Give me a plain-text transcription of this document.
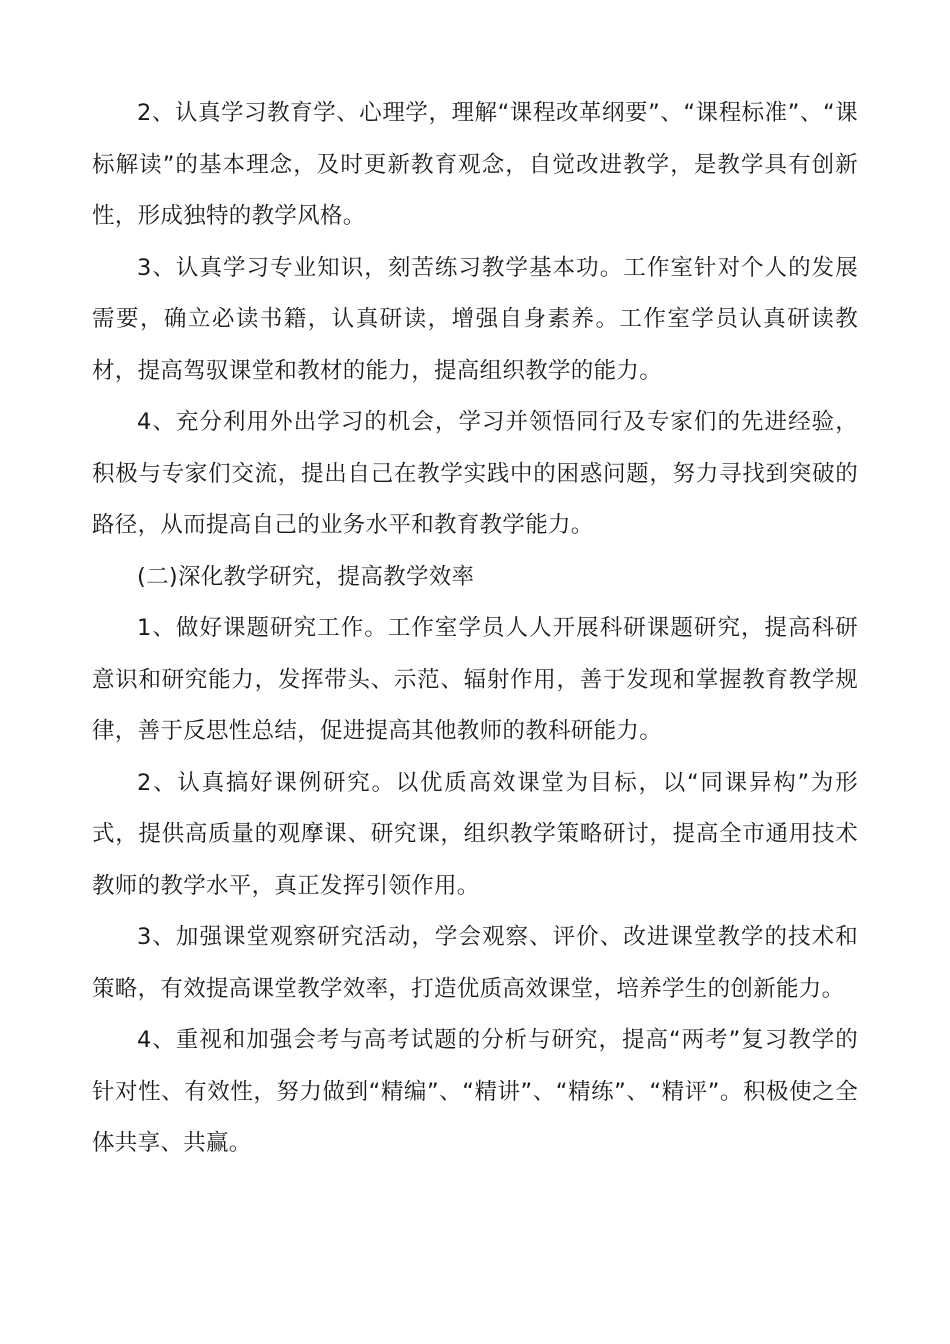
2、认真学习教育学、心理学，理解“课程改革纲要”、“课程标准”、“课标解读”的基本理念，及时更新教育观念，自觉改进教学，是教学具有创新性，形成独特的教学风格。

3、认真学习专业知识，刻苦练习教学基本功。工作室针对个人的发展需要，确立必读书籍，认真研读，增强自身素养。工作室学员认真研读教材，提高驾驭课堂和教材的能力，提高组织教学的能力。

4、充分利用外出学习的机会，学习并领悟同行及专家们的先进经验，积极与专家们交流，提出自己在教学实践中的困惑问题，努力寻找到突破的路径，从而提高自己的业务水平和教育教学能力。

(二)深化教学研究，提高教学效率

1、做好课题研究工作。工作室学员人人开展科研课题研究，提高科研意识和研究能力，发挥带头、示范、辐射作用，善于发现和掌握教育教学规律，善于反思性总结，促进提高其他教师的教科研能力。

2、认真搞好课例研究。以优质高效课堂为目标，以“同课异构”为形式，提供高质量的观摩课、研究课，组织教学策略研讨，提高全市通用技术教师的教学水平，真正发挥引领作用。

3、加强课堂观察研究活动，学会观察、评价、改进课堂教学的技术和策略，有效提高课堂教学效率，打造优质高效课堂，培养学生的创新能力。

4、重视和加强会考与高考试题的分析与研究，提高“两考”复习教学的针对性、有效性，努力做到“精编”、“精讲”、“精练”、“精评”。积极使之全体共享、共赢。
